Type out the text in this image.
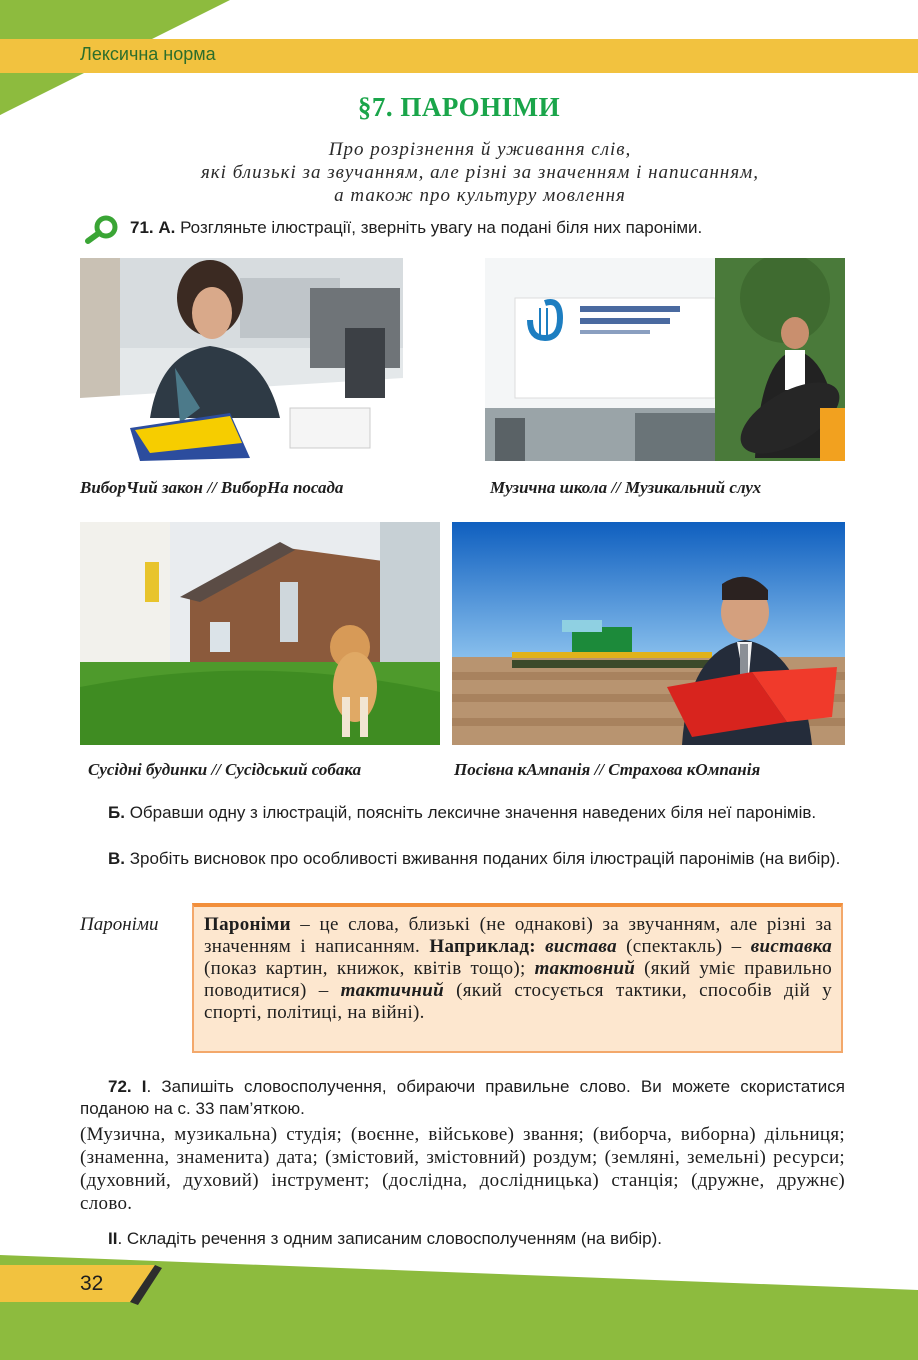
Лексична норма
§7. ПАРОНІМИ
Про розрізнення й уживання слів,
які близькі за звучанням, але різні за значенням і написанням,
а також про культуру мовлення
71. А. Розгляньте ілюстрації, зверніть увагу на подані біля них пароніми.
ВиборЧий закон // ВиборНа посада	Музична школа // Музикальний слух
Сусідні будинки // Сусідський собака	Посівна кАмпанія // Страхова кОмпанія
Б. Обравши одну з ілюстрацій, поясніть лексичне значення наведених біля неї паронімів.
В. Зробіть висновок про особливості вживання поданих біля ілюстрацій паронімів (на вибір).
Пароніми Пароніми – це слова, близькі (не однакові) за звучанням, але різні за значенням і написанням. Наприклад: вистава (спектакль) – виставка (показ картин, книжок, квітів тощо); тактовний (який уміє правильно поводитися) – тактичний (який стосується тактики, способів дій у спорті, політиці, на війні).
72. І. Запишіть словосполучення, обираючи правильне слово. Ви можете скористатися поданою на с. 33 пам’яткою.
(Музична, музикальна) студія; (воєнне, військове) звання; (виборча, виборна) дільниця; (знаменна, знаменита) дата; (змістовий, змістовний) роздум; (земляні, земельні) ресурси; (духовний, духовий) інструмент; (дослідна, дослідницька) станція; (дружне, дружнє) слово.
ІІ. Складіть речення з одним записаним словосполученням (на вибір).
32
